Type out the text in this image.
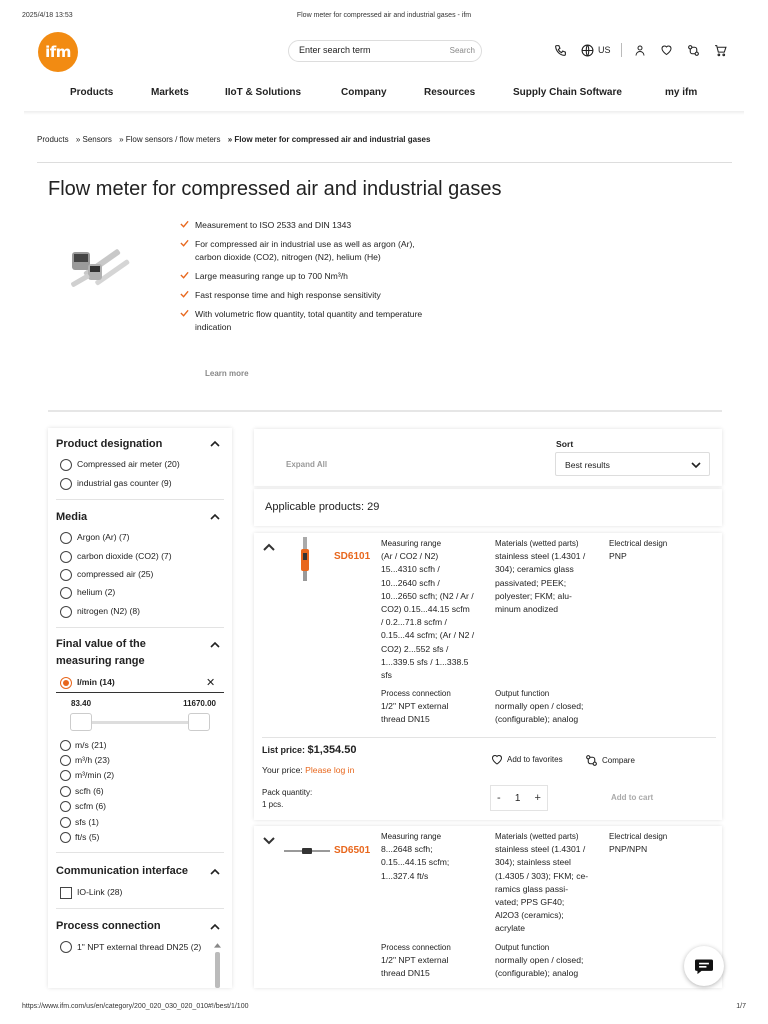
2025/4/18 13:53	Flow meter for compressed air and industrial gases - ifm
https://www.ifm.com/us/en/category/200_020_030_020_010#!/best/1/100	1/7
ifm
Enter search term	Search	US
Products	Markets	IIoT & Solutions	Company	Resources	Supply Chain Software	my ifm
Products » Sensors » Flow sensors / flow meters » Flow meter for compressed air and industrial gases
Flow meter for compressed air and industrial gases
Measurement to ISO 2533 and DIN 1343
For compressed air in industrial use as well as argon (Ar), carbon dioxide (CO2), nitrogen (N2), helium (He)
Large measuring range up to 700 Nm³/h
Fast response time and high response sensitivity
With volumetric flow quantity, total quantity and temperature indication
Learn more
Product designation
Compressed air meter (20)
industrial gas counter (9)
Media
Argon (Ar) (7)
carbon dioxide (CO2) (7)
compressed air (25)
helium (2)
nitrogen (N2) (8)
Final value of the measuring range
l/min (14)	✕
83.40	11670.00
m/s (21)
m³/h (23)
m³/min (2)
scfh (6)
scfm (6)
sfs (1)
ft/s (5)
Communication interface
IO-Link (28)
Process connection
1" NPT external thread DN25 (2)
Expand All
Sort
Best results
Applicable products: 29
SD6101
Measuring range
(Ar / CO2 / N2)
15...4310 scfh /
10...2640 scfh /
10...2650 scfh; (N2 / Ar /
CO2) 0.15...44.15 scfm
/ 0.2...71.8 scfm /
0.15...44 scfm; (Ar / N2 /
CO2) 2...552 sfs /
1...339.5 sfs / 1...338.5
sfs
Materials (wetted parts)
stainless steel (1.4301 /
304); ceramics glass
passivated; PEEK;
polyester; FKM; alu-
minum anodized
Electrical design
PNP
Process connection
1/2" NPT external
thread DN15
Output function
normally open / closed;
(configurable); analog
List price: $1,354.50
Your price: Please log in
Add to favorites	Compare
Pack quantity:
1 pcs.
- 1 +	Add to cart
SD6501
Measuring range
8...2648 scfh;
0.15...44.15 scfm;
1...327.4 ft/s
Materials (wetted parts)
stainless steel (1.4301 /
304); stainless steel
(1.4305 / 303); FKM; ce-
ramics glass passi-
vated; PPS GF40;
Al2O3 (ceramics);
acrylate
Electrical design
PNP/NPN
Process connection
1/2" NPT external
thread DN15
Output function
normally open / closed;
(configurable); analog
